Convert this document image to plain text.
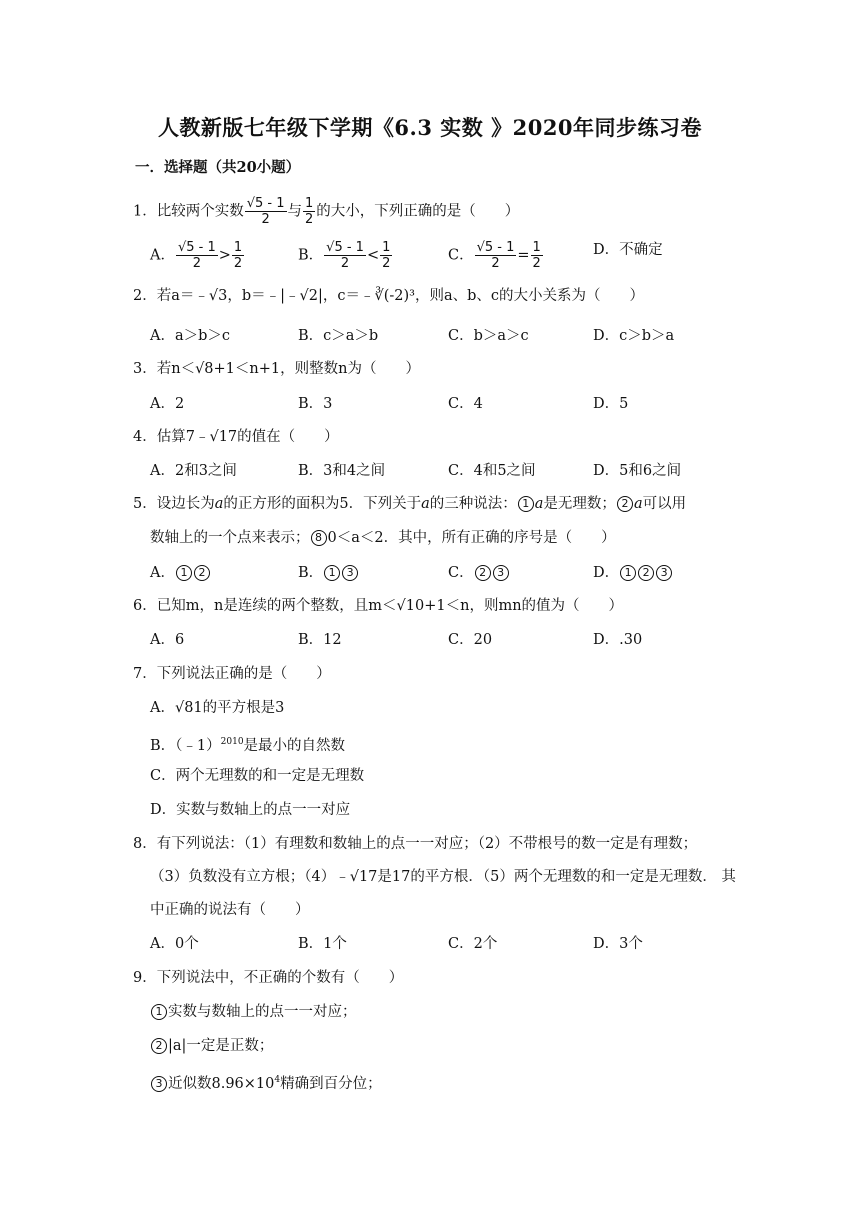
人教新版七年级下学期《6.3 实数 》2020年同步练习卷
一．选择题（共20小题）
1．比较两个实数 $\frac{√5 - 1}{2}$ 与 $\frac{1}{2}$ 的大小，下列正确的是（　　）
A． $\frac{√5 - 1}{2} > \frac{1}{2}$	B． $\frac{√5 - 1}{2} < \frac{1}{2}$	C． $\frac{√5 - 1}{2} = \frac{1}{2}$	D．不确定
2．若a＝﹣√3，b＝﹣|﹣√2|，c＝﹣∛(-2)³，则a、b、c的大小关系为（　　）
A．a＞b＞c	B．c＞a＞b	C．b＞a＞c	D．c＞b＞a
3．若n＜√8+1＜n+1，则整数n为（　　）
A．2	B．3	C．4	D．5
4．估算7﹣√17的值在（　　）
A．2和3之间	B．3和4之间	C．4和5之间	D．5和6之间
5．设边长为a的正方形的面积为5．下列关于a的三种说法： 1 a是无理数； 2 a可以用
数轴上的一个点来表示； 8 0＜a＜2．其中，所有正确的序号是（　　）
A． 1 2	B． 1 3	C． 2 3	D． 1 2 3
6．已知m，n是连续的两个整数，且m＜√10+1＜n，则mn的值为（　　）
A．6	B．12	C．20	D．.30
7．下列说法正确的是（　　）
A．√81的平方根是3
B．（﹣1）$^{2010}$是最小的自然数
C．两个无理数的和一定是无理数
D．实数与数轴上的点一一对应
8．有下列说法：（1）有理数和数轴上的点一一对应；（2）不带根号的数一定是有理数；
（3）负数没有立方根；（4）﹣√17是17的平方根．（5）两个无理数的和一定是无理数． 其
中正确的说法有（　　）
A．0个	B．1个	C．2个	D．3个
9．下列说法中，不正确的个数有（　　）
1 实数与数轴上的点一一对应；
2 |a|一定是正数；
3 近似数$8.96\times 10^4$精确到百分位；
